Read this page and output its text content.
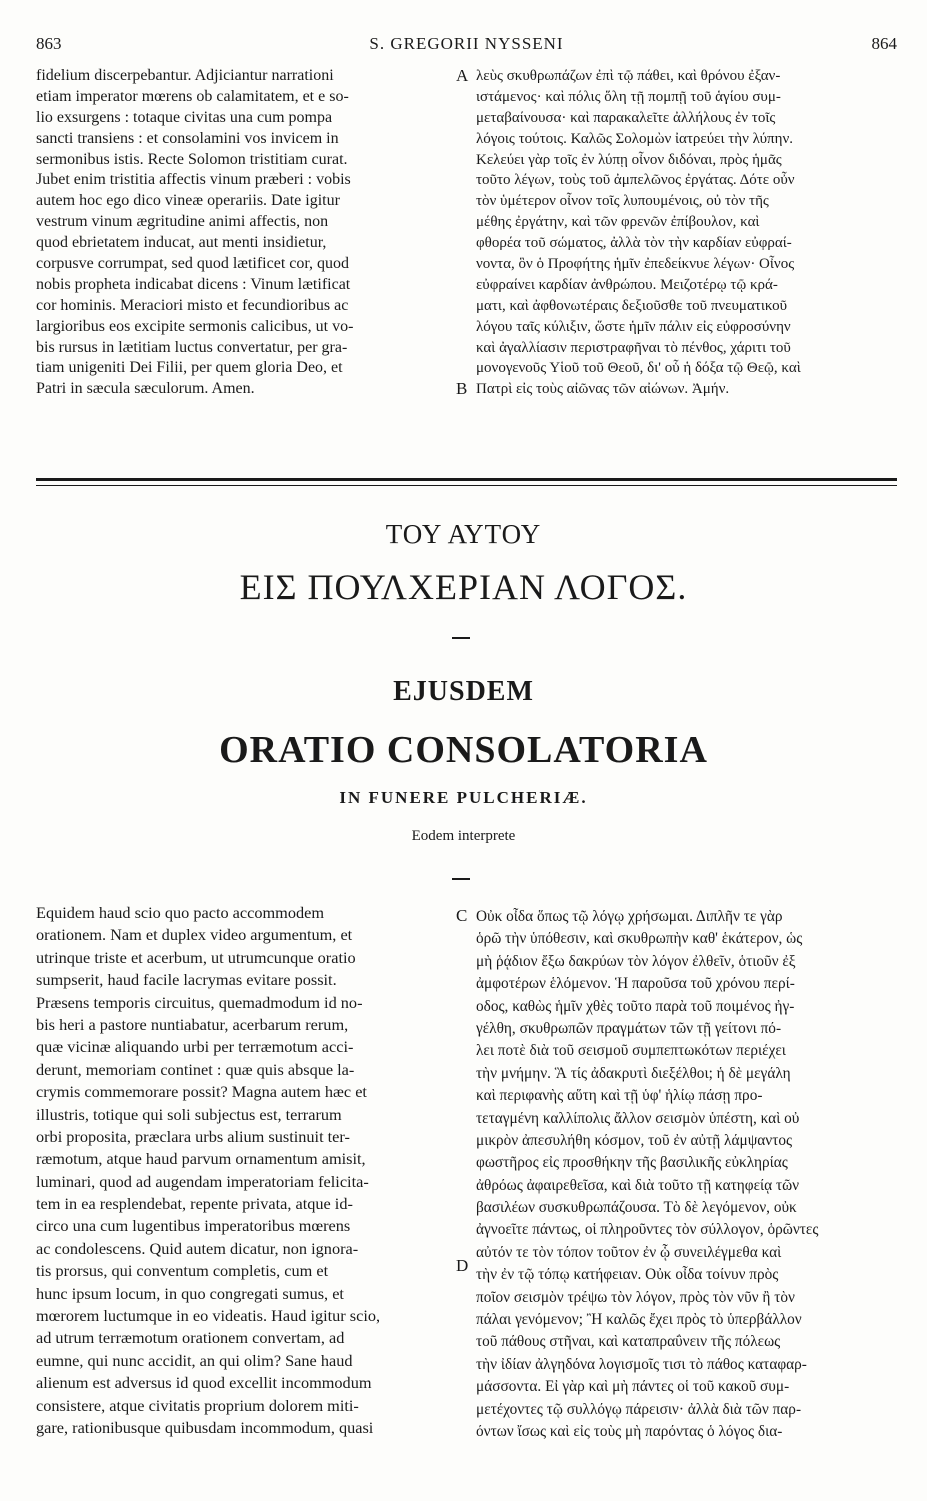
863	S. GREGORII NYSSENI	864
fidelium discerpebantur. Adjiciantur narrationi
etiam imperator mœrens ob calamitatem, et e so-
lio exsurgens : totaque civitas una cum pompa
sancti transiens : et consolamini vos invicem in
sermonibus istis. Recte Solomon tristitiam curat.
Jubet enim tristitia affectis vinum præberi : vobis
autem hoc ego dico vineæ operariis. Date igitur
vestrum vinum ægritudine animi affectis, non
quod ebrietatem inducat, aut menti insidietur,
corpusve corrumpat, sed quod lætificet cor, quod
nobis propheta indicabat dicens : Vinum lætificat
cor hominis. Meraciori misto et fecundioribus ac
largioribus eos excipite sermonis calicibus, ut vo-
bis rursus in lætitiam luctus convertatur, per gra-
tiam unigeniti Dei Filii, per quem gloria Deo, et
Patri in sæcula sæculorum. Amen.
λεὺς σκυθρωπάζων ἐπὶ τῷ πάθει, καὶ θρόνου ἐξαν-
ιστάμενος· καὶ πόλις ὅλη τῇ πομπῇ τοῦ ἁγίου συμ-
μεταβαίνουσα· καὶ παρακαλεῖτε ἀλλήλους ἐν τοῖς
λόγοις τούτοις. Καλῶς Σολομὼν ἰατρεύει τὴν λύπην.
Κελεύει γὰρ τοῖς ἐν λύπῃ οἶνον διδόναι, πρὸς ἡμᾶς
τοῦτο λέγων, τοὺς τοῦ ἀμπελῶνος ἐργάτας. Δότε οὖν
τὸν ὑμέτερον οἶνον τοῖς λυπουμένοις, οὐ τὸν τῆς
μέθης ἐργάτην, καὶ τῶν φρενῶν ἐπίβουλον, καὶ
φθορέα τοῦ σώματος, ἀλλὰ τὸν τὴν καρδίαν εὐφραί-
νοντα, ὃν ὁ Προφήτης ἡμῖν ἐπεδείκνυε λέγων· Οἶνος
εὐφραίνει καρδίαν ἀνθρώπου. Μειζοτέρῳ τῷ κρά-
ματι, καὶ ἀφθονωτέραις δεξιοῦσθε τοῦ πνευματικοῦ
λόγου ταῖς κύλιξιν, ὥστε ἡμῖν πάλιν εἰς εὐφροσύνην
καὶ ἀγαλλίασιν περιστραφῆναι τὸ πένθος, χάριτι τοῦ
μονογενοῦς Υἱοῦ τοῦ Θεοῦ, δι' οὗ ἡ δόξα τῷ Θεῷ, καὶ
Πατρὶ εἰς τοὺς αἰῶνας τῶν αἰώνων. Ἀμήν.
A
B
ΤΟΥ ΑΥΤΟΥ
ΕΙΣ ΠΟΥΛΧΕΡΙΑΝ ΛΟΓΟΣ.
EJUSDEM
ORATIO CONSOLATORIA
IN FUNERE PULCHERIÆ.
Eodem interprete
Equidem haud scio quo pacto accommodem
orationem. Nam et duplex video argumentum, et
utrinque triste et acerbum, ut utrumcunque oratio
sumpserit, haud facile lacrymas evitare possit.
Præsens temporis circuitus, quemadmodum id no-
bis heri a pastore nuntiabatur, acerbarum rerum,
quæ vicinæ aliquando urbi per terræmotum acci-
derunt, memoriam continet : quæ quis absque la-
crymis commemorare possit? Magna autem hæc et
illustris, totique qui soli subjectus est, terrarum
orbi proposita, præclara urbs alium sustinuit ter-
ræmotum, atque haud parvum ornamentum amisit,
luminari, quod ad augendam imperatoriam felicita-
tem in ea resplendebat, repente privata, atque id-
circo una cum lugentibus imperatoribus mœrens
ac condolescens. Quid autem dicatur, non ignora-
tis prorsus, qui conventum completis, cum et
hunc ipsum locum, in quo congregati sumus, et
mœrorem luctumque in eo videatis. Haud igitur scio,
ad utrum terræmotum orationem convertam, ad
eumne, qui nunc accidit, an qui olim? Sane haud
alienum est adversus id quod excellit incommodum
consistere, atque civitatis proprium dolorem miti-
gare, rationibusque quibusdam incommodum, quasi
Οὐκ οἶδα ὅπως τῷ λόγῳ χρήσωμαι. Διπλῆν τε γὰρ
ὁρῶ τὴν ὑπόθεσιν, καὶ σκυθρωπὴν καθ' ἑκάτερον, ὡς
μὴ ῥᾴδιον ἔξω δακρύων τὸν λόγον ἐλθεῖν, ὁτιοῦν ἐξ
ἀμφοτέρων ἑλόμενον. Ἡ παροῦσα τοῦ χρόνου περί-
οδος, καθὼς ἡμῖν χθὲς τοῦτο παρὰ τοῦ ποιμένος ἠγ-
γέλθη, σκυθρωπῶν πραγμάτων τῶν τῇ γείτονι πό-
λει ποτὲ διὰ τοῦ σεισμοῦ συμπεπτωκότων περιέχει
τὴν μνήμην. Ἃ τίς ἀδακρυτὶ διεξέλθοι; ἡ δὲ μεγάλη
καὶ περιφανὴς αὕτη καὶ τῇ ὑφ' ἡλίῳ πάσῃ προ-
τεταγμένη καλλίπολις ἄλλον σεισμὸν ὑπέστη, καὶ οὐ
μικρὸν ἀπεσυλήθη κόσμον, τοῦ ἐν αὐτῇ λάμψαντος
φωστῆρος εἰς προσθήκην τῆς βασιλικῆς εὐκληρίας
ἀθρόως ἀφαιρεθεῖσα, καὶ διὰ τοῦτο τῇ κατηφείᾳ τῶν
βασιλέων συσκυθρωπάζουσα. Τὸ δὲ λεγόμενον, οὐκ
ἀγνοεῖτε πάντως, οἱ πληροῦντες τὸν σύλλογον, ὁρῶντες
αὐτόν τε τὸν τόπον τοῦτον ἐν ᾧ συνειλέγμεθα καὶ
τὴν ἐν τῷ τόπῳ κατήφειαν. Οὐκ οἶδα τοίνυν πρὸς
ποῖον σεισμὸν τρέψω τὸν λόγον, πρὸς τὸν νῦν ἢ τὸν
πάλαι γενόμενον; Ἢ καλῶς ἔχει πρὸς τὸ ὑπερβάλλον
τοῦ πάθους στῆναι, καὶ καταπραΰνειν τῆς πόλεως
τὴν ἰδίαν ἀλγηδόνα λογισμοῖς τισι τὸ πάθος καταφαρ-
μάσσοντα. Εἰ γὰρ καὶ μὴ πάντες οἱ τοῦ κακοῦ συμ-
μετέχοντες τῷ συλλόγῳ πάρεισιν· ἀλλὰ διὰ τῶν παρ-
όντων ἴσως καὶ εἰς τοὺς μὴ παρόντας ὁ λόγος δια-
C
D
